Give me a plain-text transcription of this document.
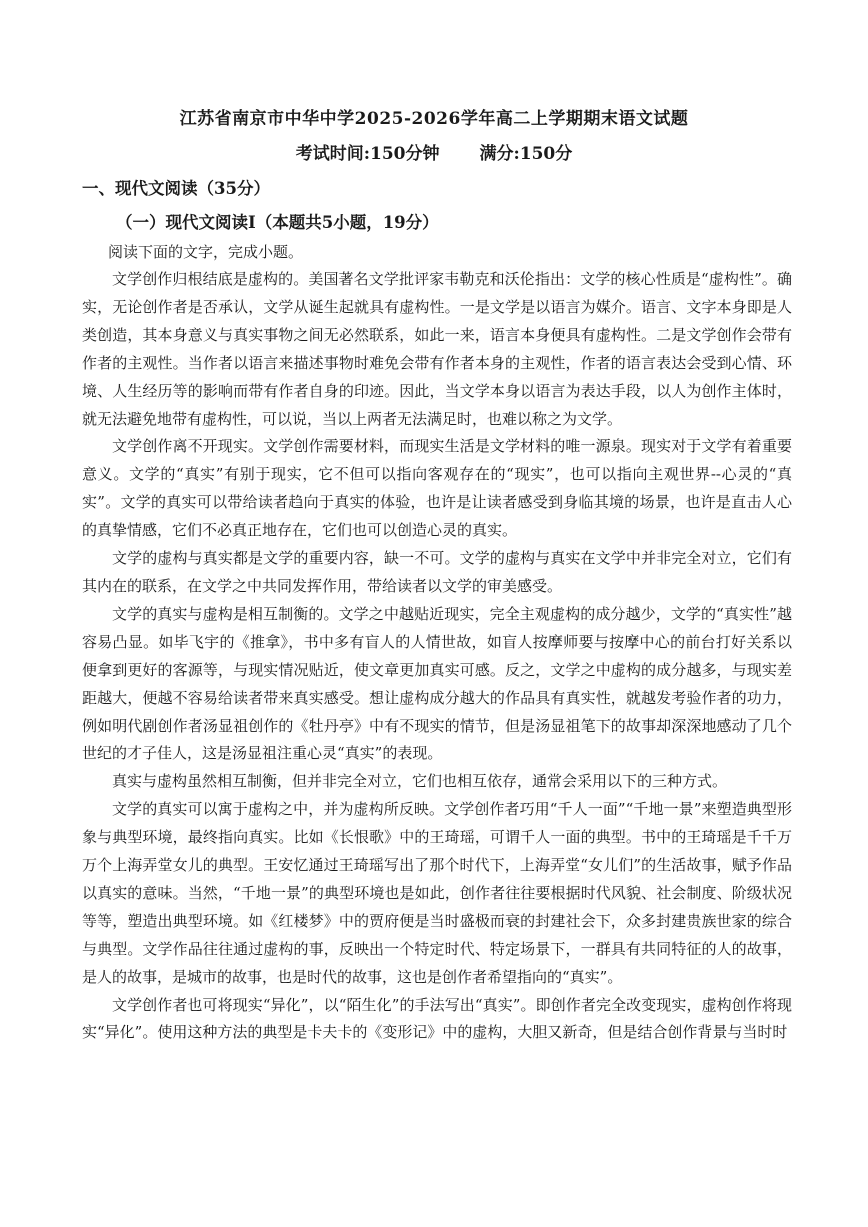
江苏省南京市中华中学2025-2026学年高二上学期期末语文试题
考试时间:150分钟 满分:150分
一、现代文阅读（35分）
（一）现代文阅读Ⅰ（本题共5小题，19分）
阅读下面的文字，完成小题。

文学创作归根结底是虚构的。美国著名文学批评家韦勒克和沃伦指出：文学的核心性质是“虚构性”。确实，无论创作者是否承认，文学从诞生起就具有虚构性。一是文学是以语言为媒介。语言、文字本身即是人类创造，其本身意义与真实事物之间无必然联系，如此一来，语言本身便具有虚构性。二是文学创作会带有作者的主观性。当作者以语言来描述事物时难免会带有作者本身的主观性，作者的语言表达会受到心情、环境、人生经历等的影响而带有作者自身的印迹。因此，当文学本身以语言为表达手段，以人为创作主体时，就无法避免地带有虚构性，可以说，当以上两者无法满足时，也难以称之为文学。

文学创作离不开现实。文学创作需要材料，而现实生活是文学材料的唯一源泉。现实对于文学有着重要意义。文学的“真实”有别于现实，它不但可以指向客观存在的“现实”，也可以指向主观世界--心灵的“真实”。文学的真实可以带给读者趋向于真实的体验，也许是让读者感受到身临其境的场景，也许是直击人心的真挚情感，它们不必真正地存在，它们也可以创造心灵的真实。

文学的虚构与真实都是文学的重要内容，缺一不可。文学的虚构与真实在文学中并非完全对立，它们有其内在的联系，在文学之中共同发挥作用，带给读者以文学的审美感受。

文学的真实与虚构是相互制衡的。文学之中越贴近现实，完全主观虚构的成分越少，文学的“真实性”越容易凸显。如毕飞宇的《推拿》，书中多有盲人的人情世故，如盲人按摩师要与按摩中心的前台打好关系以便拿到更好的客源等，与现实情况贴近，使文章更加真实可感。反之，文学之中虚构的成分越多，与现实差距越大，便越不容易给读者带来真实感受。想让虚构成分越大的作品具有真实性，就越发考验作者的功力，例如明代剧创作者汤显祖创作的《牡丹亭》中有不现实的情节，但是汤显祖笔下的故事却深深地感动了几个世纪的才子佳人，这是汤显祖注重心灵“真实”的表现。

真实与虚构虽然相互制衡，但并非完全对立，它们也相互依存，通常会采用以下的三种方式。

文学的真实可以寓于虚构之中，并为虚构所反映。文学创作者巧用“千人一面”“千地一景”来塑造典型形象与典型环境，最终指向真实。比如《长恨歌》中的王琦瑶，可谓千人一面的典型。书中的王琦瑶是千千万万个上海弄堂女儿的典型。王安忆通过王琦瑶写出了那个时代下，上海弄堂“女儿们”的生活故事，赋予作品以真实的意味。当然，“千地一景”的典型环境也是如此，创作者往往要根据时代风貌、社会制度、阶级状况等等，塑造出典型环境。如《红楼梦》中的贾府便是当时盛极而衰的封建社会下，众多封建贵族世家的综合与典型。文学作品往往通过虚构的事，反映出一个特定时代、特定场景下，一群具有共同特征的人的故事，是人的故事，是城市的故事，也是时代的故事，这也是创作者希望指向的“真实”。

文学创作者也可将现实“异化”，以“陌生化”的手法写出“真实”。即创作者完全改变现实，虚构创作将现实“异化”。使用这种方法的典型是卡夫卡的《变形记》中的虚构，大胆又新奇，但是结合创作背景与当时时
